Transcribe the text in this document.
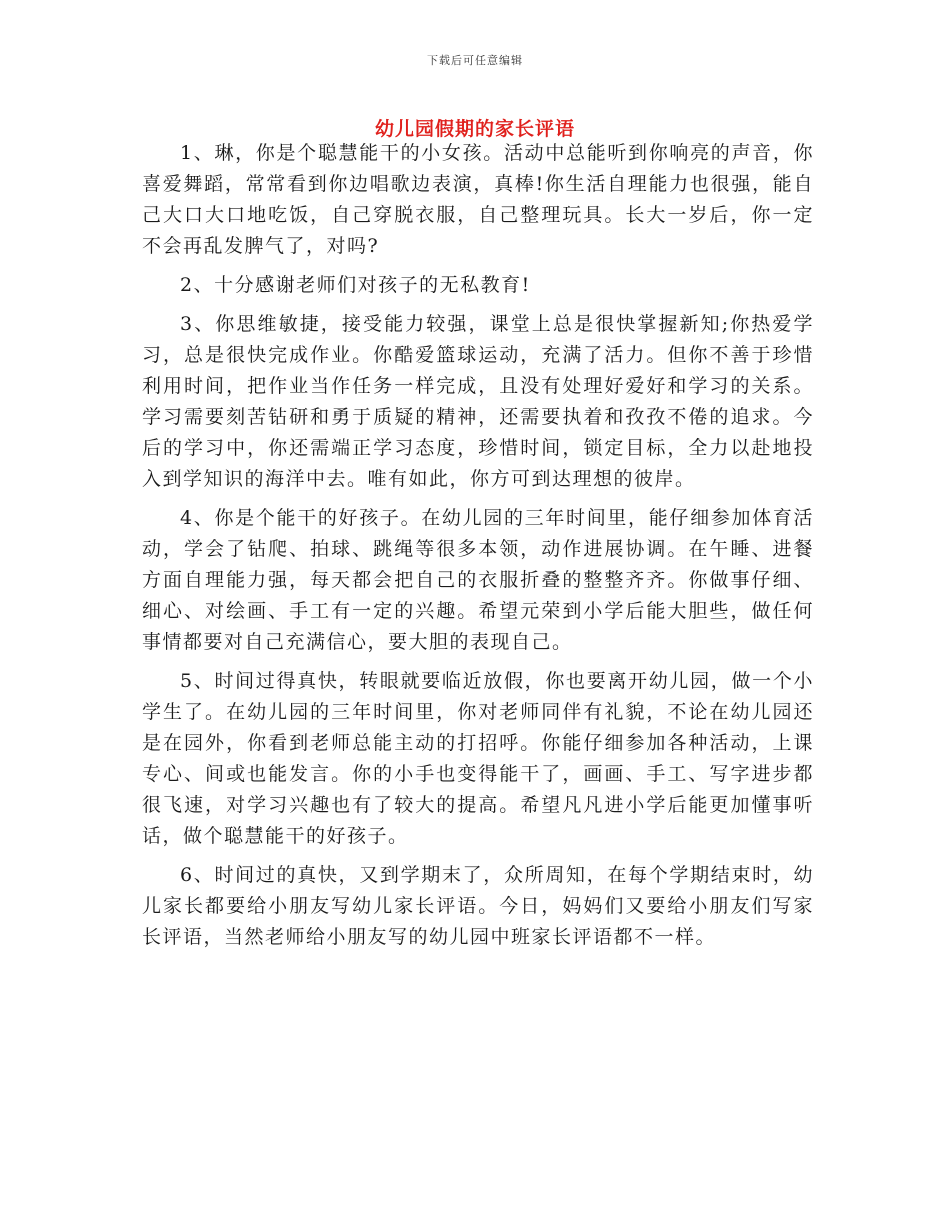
下载后可任意编辑
幼儿园假期的家长评语

1、琳，你是个聪慧能干的小女孩。活动中总能听到你响亮的声音，你喜爱舞蹈，常常看到你边唱歌边表演，真棒!你生活自理能力也很强，能自己大口大口地吃饭，自己穿脱衣服，自己整理玩具。长大一岁后，你一定不会再乱发脾气了，对吗?

2、十分感谢老师们对孩子的无私教育!

3、你思维敏捷，接受能力较强，课堂上总是很快掌握新知;你热爱学习，总是很快完成作业。你酷爱篮球运动，充满了活力。但你不善于珍惜利用时间，把作业当作任务一样完成，且没有处理好爱好和学习的关系。学习需要刻苦钻研和勇于质疑的精神，还需要执着和孜孜不倦的追求。今后的学习中，你还需端正学习态度，珍惜时间，锁定目标，全力以赴地投入到学知识的海洋中去。唯有如此，你方可到达理想的彼岸。

4、你是个能干的好孩子。在幼儿园的三年时间里，能仔细参加体育活动，学会了钻爬、拍球、跳绳等很多本领，动作进展协调。在午睡、进餐方面自理能力强，每天都会把自己的衣服折叠的整整齐齐。你做事仔细、细心、对绘画、手工有一定的兴趣。希望元荣到小学后能大胆些，做任何事情都要对自己充满信心，要大胆的表现自己。

5、时间过得真快，转眼就要临近放假，你也要离开幼儿园，做一个小学生了。在幼儿园的三年时间里，你对老师同伴有礼貌，不论在幼儿园还是在园外，你看到老师总能主动的打招呼。你能仔细参加各种活动，上课专心、间或也能发言。你的小手也变得能干了，画画、手工、写字进步都很飞速，对学习兴趣也有了较大的提高。希望凡凡进小学后能更加懂事听话，做个聪慧能干的好孩子。

6、时间过的真快，又到学期末了，众所周知，在每个学期结束时，幼儿家长都要给小朋友写幼儿家长评语。今日，妈妈们又要给小朋友们写家长评语，当然老师给小朋友写的幼儿园中班家长评语都不一样。
